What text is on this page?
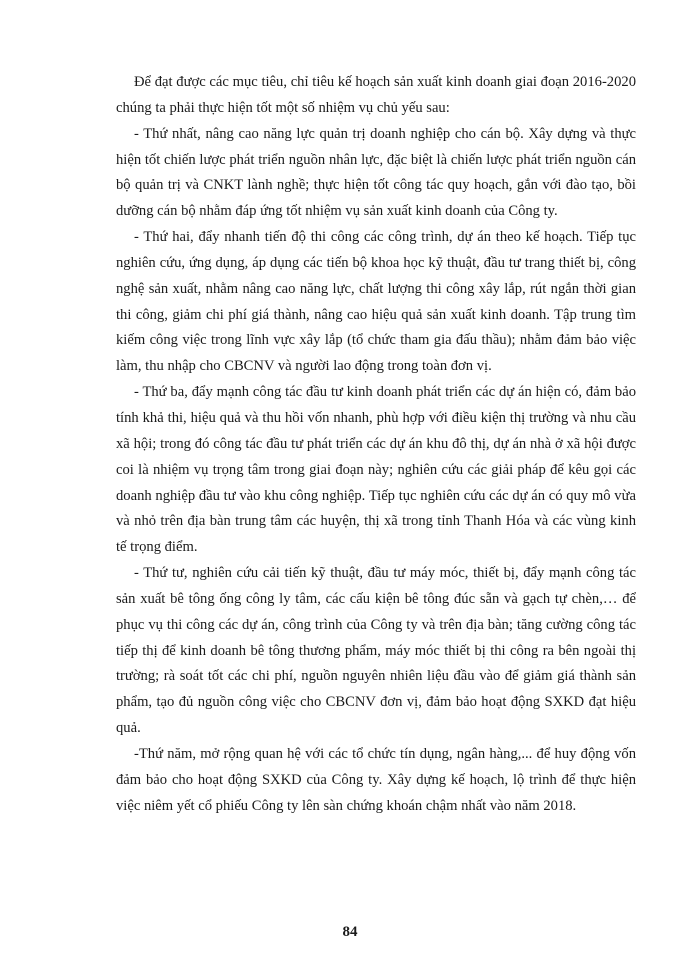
Để đạt được các mục tiêu, chỉ tiêu kế hoạch sản xuất kinh doanh giai đoạn 2016-2020 chúng ta phải thực hiện tốt một số nhiệm vụ chủ yếu sau:

- Thứ nhất, nâng cao năng lực quản trị doanh nghiệp cho cán bộ. Xây dựng và thực hiện tốt chiến lược phát triển nguồn nhân lực, đặc biệt là chiến lược phát triển nguồn cán bộ quản trị và CNKT lành nghề; thực hiện tốt công tác quy hoạch, gắn với đào tạo, bồi dưỡng cán bộ nhằm đáp ứng tốt nhiệm vụ sản xuất kinh doanh của Công ty.

- Thứ hai, đẩy nhanh tiến độ thi công các công trình, dự án theo kế hoạch. Tiếp tục nghiên cứu, ứng dụng, áp dụng các tiến bộ khoa học kỹ thuật, đầu tư trang thiết bị, công nghệ sản xuất, nhằm nâng cao năng lực, chất lượng thi công xây lắp, rút ngắn thời gian thi công, giảm chi phí giá thành, nâng cao hiệu quả sản xuất kinh doanh. Tập trung tìm kiếm công việc trong lĩnh vực xây lắp (tổ chức tham gia đấu thầu); nhằm đảm bảo việc làm, thu nhập cho CBCNV và người lao động trong toàn đơn vị.

- Thứ ba, đẩy mạnh công tác đầu tư kinh doanh phát triển các dự án hiện có, đảm bảo tính khả thi, hiệu quả và thu hồi vốn nhanh, phù hợp với điều kiện thị trường và nhu cầu xã hội; trong đó công tác đầu tư phát triển các dự án khu đô thị, dự án nhà ở xã hội được coi là nhiệm vụ trọng tâm trong giai đoạn này; nghiên cứu các giải pháp để kêu gọi các doanh nghiệp đầu tư vào khu công nghiệp. Tiếp tục nghiên cứu các dự án có quy mô vừa và nhỏ trên địa bàn trung tâm các huyện, thị xã trong tỉnh Thanh Hóa và các vùng kinh tế trọng điểm.

- Thứ tư, nghiên cứu cải tiến kỹ thuật, đầu tư máy móc, thiết bị, đẩy mạnh công tác sản xuất bê tông ống công ly tâm, các cấu kiện bê tông đúc sẵn và gạch tự chèn,… để phục vụ thi công các dự án, công trình của Công ty và trên địa bàn; tăng cường công tác tiếp thị để kinh doanh bê tông thương phẩm, máy móc thiết bị thi công ra bên ngoài thị trường; rà soát tốt các chi phí, nguồn nguyên nhiên liệu đầu vào để giảm giá thành sản phẩm, tạo đủ nguồn công việc cho CBCNV đơn vị, đảm bảo hoạt động SXKD đạt hiệu quả.

-Thứ năm, mở rộng quan hệ với các tổ chức tín dụng, ngân hàng,... để huy động vốn đảm bảo cho hoạt động SXKD của Công ty. Xây dựng kế hoạch, lộ trình để thực hiện việc niêm yết cổ phiếu Công ty lên sàn chứng khoán chậm nhất vào năm 2018.

84
